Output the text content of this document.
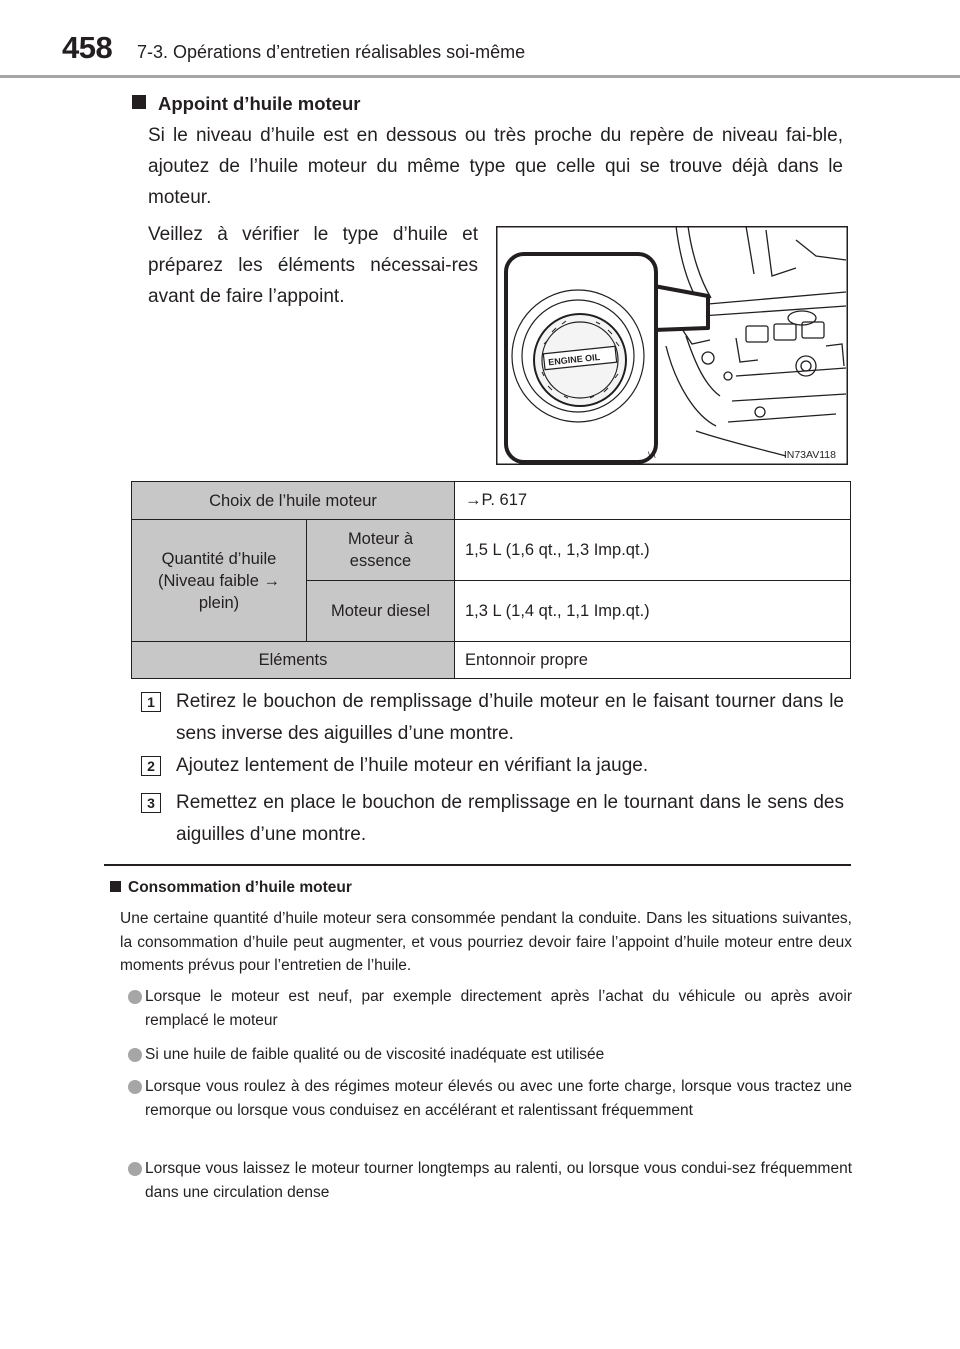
458 7-3. Opérations d’entretien réalisables soi-même
Appoint d’huile moteur
Si le niveau d’huile est en dessous ou très proche du repère de niveau fai-ble, ajoutez de l’huile moteur du même type que celle qui se trouve déjà dans le moteur.
Veillez à vérifier le type d’huile et préparez les éléments nécessai-res avant de faire l’appoint.
ENGINE OIL
\/\	IN73AV118
Choix de l’huile moteur		→P. 617
Quantité d’huile (Niveau faible → plein)	Moteur à essence	1,5 L (1,6 qt., 1,3 Imp.qt.)
	Moteur diesel	1,3 L (1,4 qt., 1,1 Imp.qt.)
Eléments		Entonnoir propre
1	Retirez le bouchon de remplissage d’huile moteur en le faisant tourner dans le sens inverse des aiguilles d’une montre.
2	Ajoutez lentement de l’huile moteur en vérifiant la jauge.
3	Remettez en place le bouchon de remplissage en le tournant dans le sens des aiguilles d’une montre.
Consommation d’huile moteur
Une certaine quantité d’huile moteur sera consommée pendant la conduite. Dans les situations suivantes, la consommation d’huile peut augmenter, et vous pourriez devoir faire l’appoint d’huile moteur entre deux moments prévus pour l’entretien de l’huile.
Lorsque le moteur est neuf, par exemple directement après l’achat du véhicule ou après avoir remplacé le moteur
Si une huile de faible qualité ou de viscosité inadéquate est utilisée
Lorsque vous roulez à des régimes moteur élevés ou avec une forte charge, lorsque vous tractez une remorque ou lorsque vous conduisez en accélérant et ralentissant fréquemment
Lorsque vous laissez le moteur tourner longtemps au ralenti, ou lorsque vous condui-sez fréquemment dans une circulation dense
